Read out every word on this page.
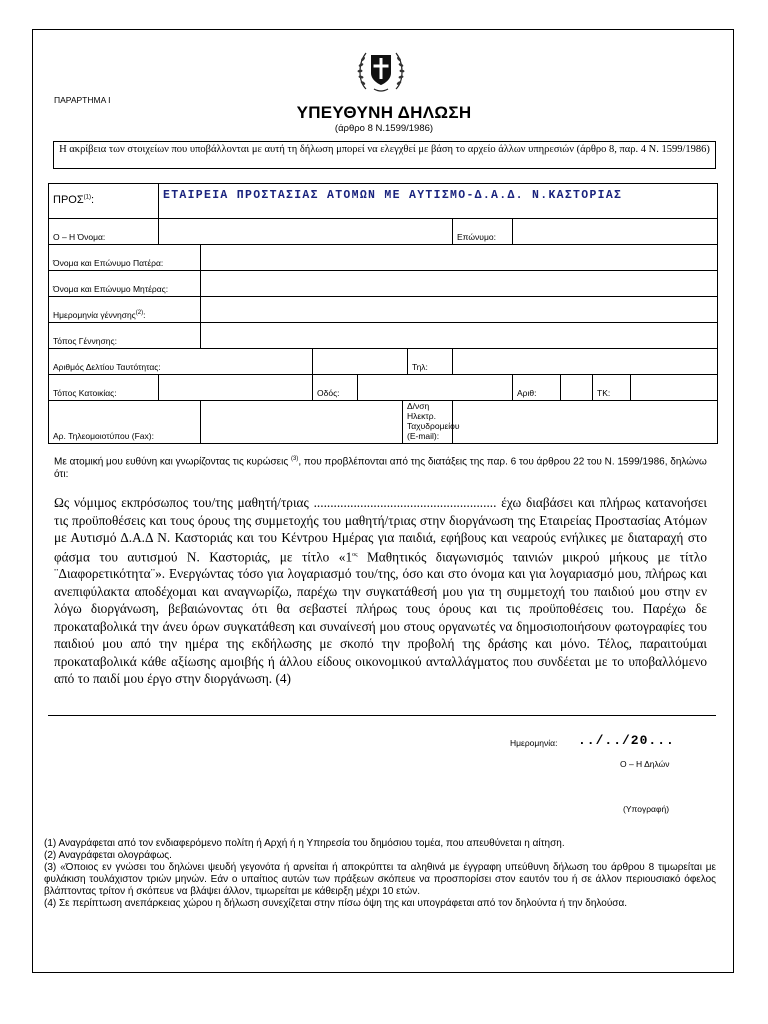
ΠΑΡΑΡΤΗΜΑ Ι
ΥΠΕΥΘΥΝΗ ΔΗΛΩΣΗ
(άρθρο 8 Ν.1599/1986)
Η ακρίβεια των στοιχείων που υποβάλλονται με αυτή τη δήλωση μπορεί να ελεγχθεί με βάση το αρχείο άλλων υπηρεσιών (άρθρο 8, παρ. 4 Ν. 1599/1986)
ΠΡΟΣ$^{(1)}$:	ΕΤΑΙΡΕΙΑ ΠΡΟΣΤΑΣΙΑΣ ΑΤΟΜΩΝ ΜΕ ΑΥΤΙΣΜΟ-Δ.Α.Δ. Ν.ΚΑΣΤΟΡΙΑΣ										
Ο – Η Όνομα:							Επώνυμο:				
Όνομα και Επώνυμο Πατέρα:											
Όνομα και Επώνυμο Μητέρας:											
Ημερομηνία γέννησης$^{(2)}$:											
Τόπος Γέννησης:											
Αριθμός Δελτίου Ταυτότητας:						Τηλ:					
Τόπος Κατοικίας:			Οδός:					Αριθ:		ΤΚ:	
Αρ. Τηλεομοιοτύπου (Fax):					Δ/νση Ηλεκτρ.
Ταχυδρομείου
(E-mail):						

Με ατομική μου ευθύνη και γνωρίζοντας τις κυρώσεις $^{(3)}$, που προβλέπονται από της διατάξεις της παρ. 6 του άρθρου 22 του Ν. 1599/1986, δηλώνω ότι:
Ως νόμιμος εκπρόσωπος του/της μαθητή/τριας ....................................................... έχω διαβάσει και πλήρως κατανοήσει τις προϋποθέσεις και τους όρους της συμμετοχής του μαθητή/τριας στην διοργάνωση της Εταιρείας Προστασίας Ατόμων με Αυτισμό Δ.Α.Δ Ν. Καστοριάς και του Κέντρου Ημέρας για παιδιά, εφήβους και νεαρούς ενήλικες με διαταραχή στο φάσμα του αυτισμού Ν. Καστοριάς, με τίτλο «$1^{o\varsigma}$ Μαθητικός διαγωνισμός ταινιών μικρού μήκους με τίτλο ¨Διαφορετικότητα¨». Ενεργώντας τόσο για λογαριασμό του/της, όσο και στο όνομα και για λογαριασμό μου, πλήρως και ανεπιφύλακτα αποδέχομαι και αναγνωρίζω, παρέχω την συγκατάθεσή μου για τη συμμετοχή του παιδιού μου στην εν λόγω διοργάνωση, βεβαιώνοντας ότι θα σεβαστεί πλήρως τους όρους και τις προϋποθέσεις του. Παρέχω δε προκαταβολικά την άνευ όρων συγκατάθεση και συναίνεσή μου στους οργανωτές να δημοσιοποιήσουν φωτογραφίες του παιδιού μου από την ημέρα της εκδήλωσης με σκοπό την προβολή της δράσης και μόνο. Τέλος, παραιτούμαι προκαταβολικά κάθε αξίωσης αμοιβής ή άλλου είδους οικονομικού ανταλλάγματος που συνδέεται με το υποβαλλόμενο από το παιδί μου έργο στην διοργάνωση. (4)
Ημερομηνία: ../../20...
Ο – Η Δηλών
(Υπογραφή)
(1) Αναγράφεται από τον ενδιαφερόμενο πολίτη ή Αρχή ή η Υπηρεσία του δημόσιου τομέα, που απευθύνεται η αίτηση.
(2) Αναγράφεται ολογράφως.
(3) «Όποιος εν γνώσει του δηλώνει ψευδή γεγονότα ή αρνείται ή αποκρύπτει τα αληθινά με έγγραφη υπεύθυνη δήλωση του άρθρου 8 τιμωρείται με φυλάκιση τουλάχιστον τριών μηνών. Εάν ο υπαίτιος αυτών των πράξεων σκόπευε να προσπορίσει στον εαυτόν του ή σε άλλον περιουσιακό όφελος βλάπτοντας τρίτον ή σκόπευε να βλάψει άλλον, τιμωρείται με κάθειρξη μέχρι 10 ετών.
(4) Σε περίπτωση ανεπάρκειας χώρου η δήλωση συνεχίζεται στην πίσω όψη της και υπογράφεται από τον δηλούντα ή την δηλούσα.
